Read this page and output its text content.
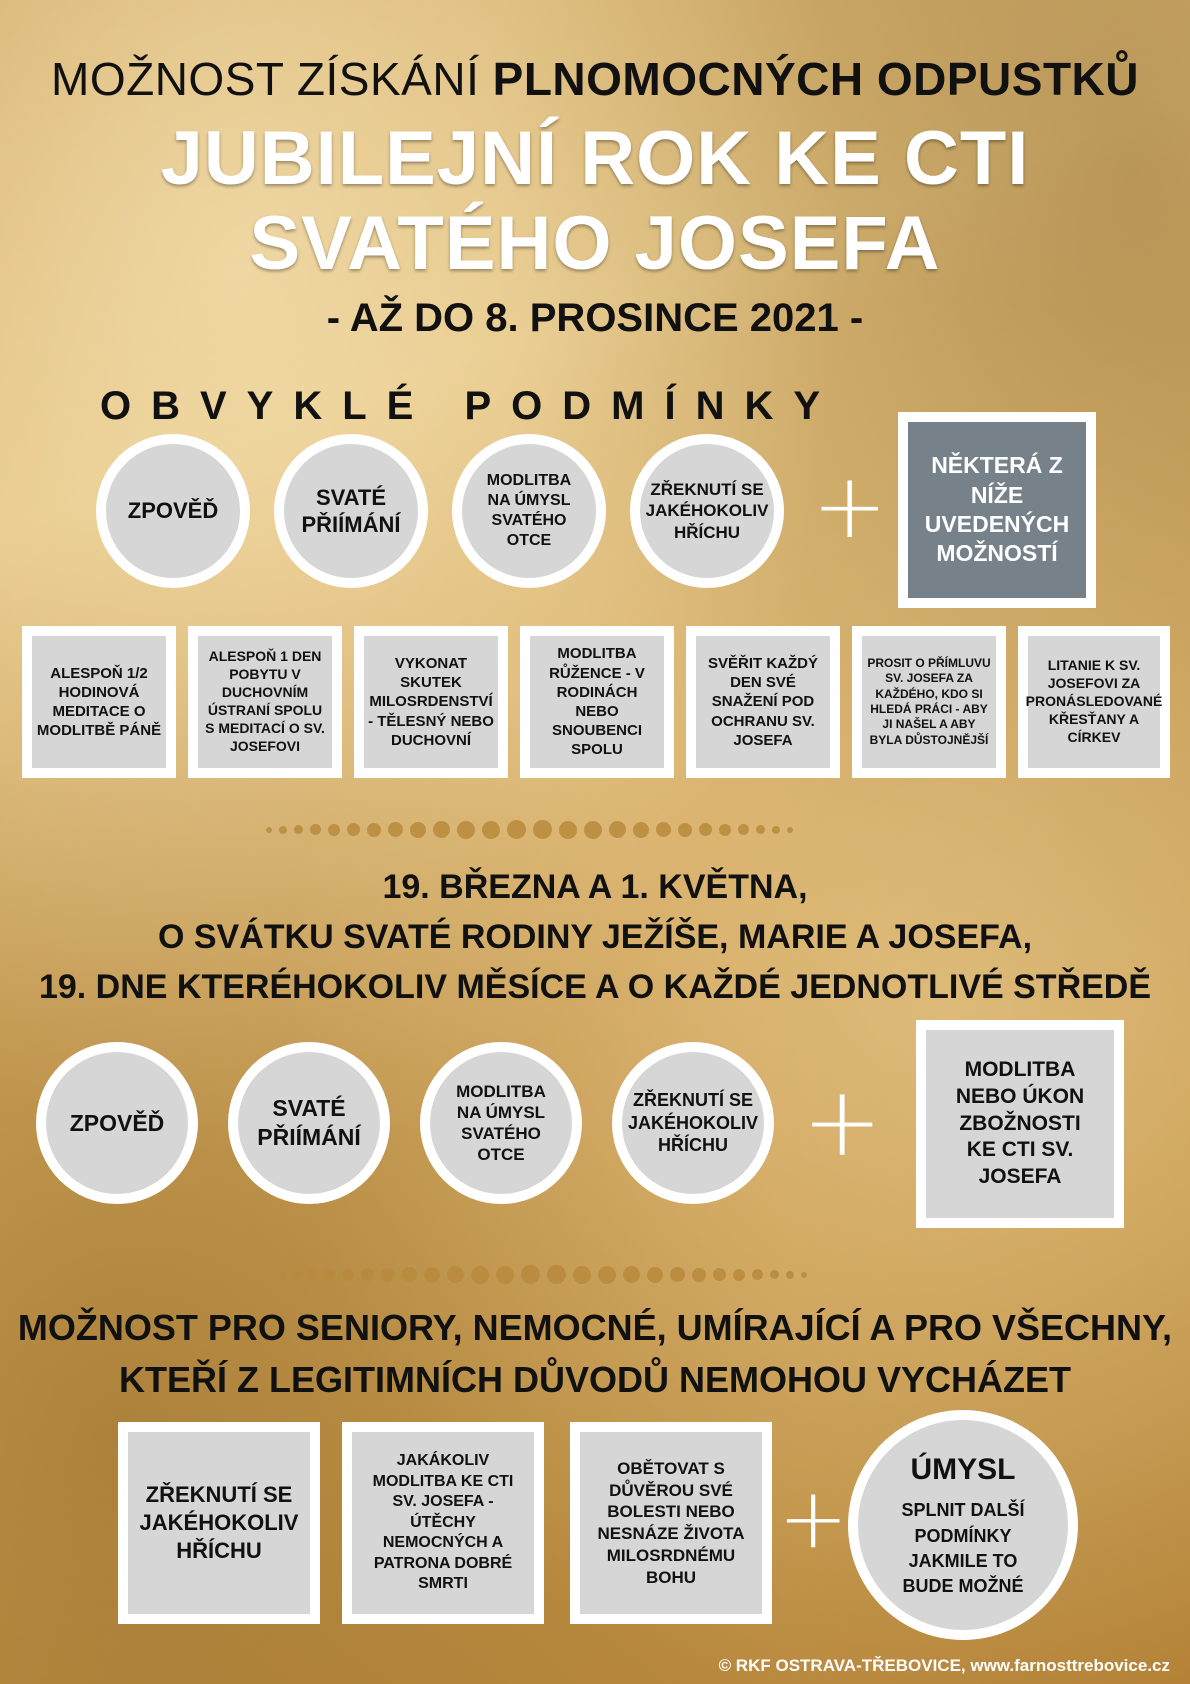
MOŽNOST ZÍSKÁNÍ PLNOMOCNÝCH ODPUSTKŮ
JUBILEJNÍ ROK KE CTI
SVATÉHO JOSEFA
- AŽ DO 8. PROSINCE 2021 -
OBVYKLÉ PODMÍNKY
ZPOVĚĎ
SVATÉ PŘIÍMÁNÍ
MODLITBA NA ÚMYSL SVATÉHO OTCE
ZŘEKNUTÍ SE JAKÉHOKOLIV HŘÍCHU +	NĚKTERÁ Z NÍŽE UVEDENÝCH MOŽNOSTÍ
ALESPOŇ 1/2 HODINOVÁ MEDITACE O MODLITBĚ PÁNĚ
ALESPOŇ 1 DEN POBYTU V DUCHOVNÍM ÚSTRANÍ SPOLU S MEDITACÍ O SV. JOSEFOVI
VYKONAT SKUTEK MILOSRDENSTVÍ - TĚLESNÝ NEBO DUCHOVNÍ
MODLITBA RŮŽENCE - V RODINÁCH NEBO SNOUBENCI SPOLU
SVĚŘIT KAŽDÝ DEN SVÉ SNAŽENÍ POD OCHRANU SV. JOSEFA
PROSIT O PŘÍMLUVU SV. JOSEFA ZA KAŽDÉHO, KDO SI HLEDÁ PRÁCI - ABY JI NAŠEL A ABY BYLA DŮSTOJNĚJŠÍ
LITANIE K SV. JOSEFOVI ZA PRONÁSLEDOVANÉ KŘESŤANY A CÍRKEV
19. BŘEZNA A 1. KVĚTNA,
O SVÁTKU SVATÉ RODINY JEŽÍŠE, MARIE A JOSEFA,
19. DNE KTERÉHOKOLIV MĚSÍCE A O KAŽDÉ JEDNOTLIVÉ STŘEDĚ
ZPOVĚĎ
SVATÉ PŘIÍMÁNÍ
MODLITBA NA ÚMYSL SVATÉHO OTCE
ZŘEKNUTÍ SE JAKÉHOKOLIV HŘÍCHU +	MODLITBA NEBO ÚKON ZBOŽNOSTI KE CTI SV. JOSEFA
MOŽNOST PRO SENIORY, NEMOCNÉ, UMÍRAJÍCÍ A PRO VŠECHNY,
KTEŘÍ Z LEGITIMNÍCH DŮVODŮ NEMOHOU VYCHÁZET
ZŘEKNUTÍ SE JAKÉHOKOLIV HŘÍCHU
JAKÁKOLIV MODLITBA KE CTI SV. JOSEFA - ÚTĚCHY NEMOCNÝCH A PATRONA DOBRÉ SMRTI
OBĚTOVAT S DŮVĚROU SVÉ BOLESTI NEBO NESNÁZE ŽIVOTA MILOSRDNÉMU BOHU
+ ÚMYSL
SPLNIT DALŠÍ PODMÍNKY JAKMILE TO BUDE MOŽNÉ
© RKF OSTRAVA-TŘEBOVICE, www.farnosttrebovice.cz
